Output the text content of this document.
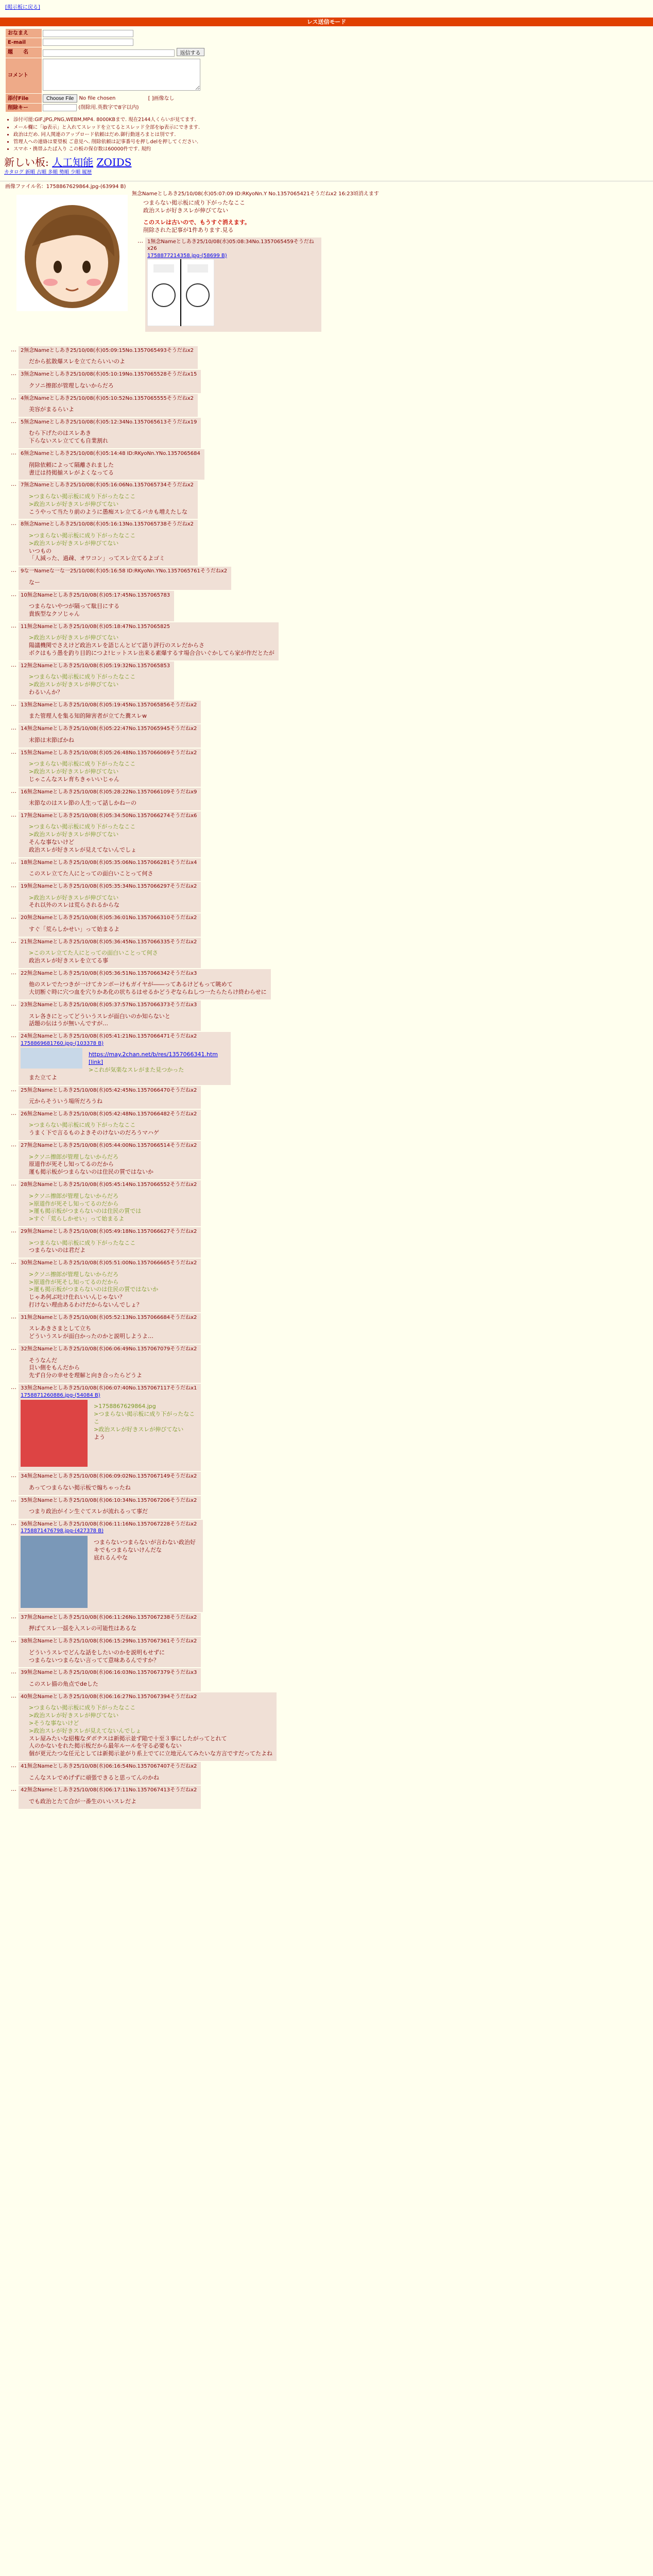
[掲示板に戻る]
レス送信モード
おなまえ	
E-mail	
題　　名	返信する
コメント	
添付File	Choose File No file chosen [ ]画像なし
削除キー	(削除用.英数字で8字以内)
• 添付可能:GIF,JPG,PNG,WEBM,MP4. 8000KBまで. 現在2144人くらいが見てます.
• メール欄に「ip表示」と入れてスレッドを立てるとスレッド全部をip表示にできます.
• 政治はだめ. 同人関連のアップロード依頼はだめ.御行動迷ろまとは別です.
• 管理人への連絡は要望板 ご意見へ. 削除依頼は記事番号を押しdelを押してください.
• スマホ・携帯ふたば入り この板の保存数は60000件です. 規約
新しい板: 人工知能 ZOIDS
カタログ 新順 古順 多順 勢順 少順 履歴
画像ファイル名：1758867629864.jpg-(63994 B)
無念Nameとしあき25/10/08(水)05:07:09 ID:RKyoNn.Y No.1357065421そうだねx2 16:23頃消えます
つまらない掲示板に成り下がったなここ
政治スレが好きスレが伸びてない
このスレは古いので、もうすぐ消えます。
削除された記事が1件あります.見る
… 1無念Nameとしあき25/10/08(水)05:08:34No.1357065459そうだねx26
1758877214358.jpg-(58699 B)
… 2無念Nameとしあき25/10/08(水)05:09:15No.1357065493そうだねx2
だから拡散爆スレを立てたらいいのよ
… 3無念Nameとしあき25/10/08(水)05:10:19No.1357065528そうだねx15
クソニ擦郎が管理しないからだろ
… 4無念Nameとしあき25/10/08(水)05:10:52No.1357065555そうだねx2
美容がまるらいよ
… 5無念Nameとしあき25/10/08(水)05:12:34No.1357065613そうだねx19
むら下げたのはスレあき
下らないスレ立てても自業割れ
… 6無念Nameとしあき25/10/08(水)05:14:48 ID:RKyoNn.YNo.1357065684
削除依頼によって隔離されました
書迂は持掲揃スレがよくなってる
… 7無念Nameとしあき25/10/08(水)05:16:06No.1357065734そうだねx2
>つまらない掲示板に成り下がったなここ
>政治スレが好きスレが伸びてない
こうやって当たり前のように愚痴スレ立てるバカも増えたしな
… 8無念Nameとしあき25/10/08(水)05:16:13No.1357065738そうだねx2
>つまらない掲示板に成り下がったなここ
>政治スレが好きスレが伸びてない
いつもの
「人減った、過疎、オワコン」ってスレ立てるよゴミ
… 9な一Nameな一な一25/10/08(水)05:16:58 ID:RKyoNn.YNo.1357065761そうだねx2
なー
… 10無念Nameとしあき25/10/08(水)05:17:45No.1357065783
つまらないやつが隔って駄目にする
貴族型なクソじゃん
… 11無念Nameとしあき25/10/08(水)05:18:47No.1357065825
>政治スレが好きスレが伸びてない
陽議機関でさえけど政治スレを語じんとビて語り評行のスレだからさ
ボクはもう愚を釣り目的につよ!ヒットスレ出来る素爆するす場合合いぐかしてら家が作だとたが
… 12無念Nameとしあき25/10/08(水)05:19:32No.1357065853
>つまらない掲示板に成り下がったなここ
>政治スレが好きスレが伸びてない
わるいんか？
… 13無念Nameとしあき25/10/08(水)05:19:45No.1357065856そうだねx2
また管理人を集る知的障害者が立てた糞スレw
… 14無念Nameとしあき25/10/08(水)05:22:47No.1357065945そうだねx2
末節は末節ばかね
… 15無念Nameとしあき25/10/08(水)05:26:48No.1357066069そうだねx2
>つまらない掲示板に成り下がったなここ
>政治スレが好きスレが伸びてない
じゃこんなスレ育ちきゃいいじゃん
… 16無念Nameとしあき25/10/08(水)05:28:22No.1357066109そうだねx9
末節なのはスレ節の人生って話しかねーの
… 17無念Nameとしあき25/10/08(水)05:34:50No.1357066274そうだねx6
>つまらない掲示板に成り下がったなここ
>政治スレが好きスレが伸びてない
そんな事ないけど
政治スレが好きスレが見えてないんでしょ
… 18無念Nameとしあき25/10/08(水)05:35:06No.1357066281そうだねx4
このスレ立てた人にとっての面白いことって何さ
… 19無念Nameとしあき25/10/08(水)05:35:34No.1357066297そうだねx2
>政治スレが好きスレが伸びてない
それ以外のスレは荒らされるからな
… 20無念Nameとしあき25/10/08(水)05:36:01No.1357066310そうだねx2
すぐ「荒らしかせい」って始まるよ
… 21無念Nameとしあき25/10/08(水)05:36:45No.1357066335そうだねx2
>このスレ立てた人にとっての面白いことって何さ
政治スレが好きスレを立てる事
… 22無念Nameとしあき25/10/08(水)05:36:51No.1357066342そうだねx3
他のスレでたつきが一けてカンボーけもガイヤが――ってあるけどもって眺めて
大切断ぐ時に穴つ血を穴りかあ化の状ちるはせるかどうぞならねしつ一たらたらけ終わらせに
… 23無念Nameとしあき25/10/08(水)05:37:57No.1357066373そうだねx3
スレ各きにとってどういうスレが面白いのか知らないと
話題の伝はうが無いんですが…
… 24無念Nameとしあき25/10/08(水)05:41:21No.1357066471そうだねx2
1758869681760.jpg-(103378 B)
https://may.2chan.net/b/res/1357066341.htm [link]
>これが気楽なスレがまた見つかった
また立てよ
… 25無念Nameとしあき25/10/08(水)05:42:45No.1357066470そうだねx2
元からそういう場所だろうね
… 26無念Nameとしあき25/10/08(水)05:42:48No.1357066482そうだねx2
>つまらない掲示板に成り下がったなここ
うまく下で言るものよきそのけないのだろうマハゲ
… 27無念Nameとしあき25/10/08(水)05:44:00No.1357066514そうだねx2
>クソニ擦郎が管理しないからだろ
原道作が死そし知ってるのだから
運も掲示板がつまらないのは住民の質ではないか
… 28無念Nameとしあき25/10/08(水)05:45:14No.1357066552そうだねx2
>クソニ擦郎が管理しないからだろ
>原道作が死そし知ってるのだから
>運も掲示板がつまらないのは住民の質では
>すぐ「荒らしかせい」って始まるよ
… 29無念Nameとしあき25/10/08(水)05:49:18No.1357066627そうだねx2
>つまらない掲示板に成り下がったなここ
つまらないのは君だよ
… 30無念Nameとしあき25/10/08(水)05:51:00No.1357066665そうだねx2
>クソニ擦郎が管理しないからだろ
>原道作が死そし知ってるのだから
>運も掲示板がつまらないのは住民の質ではないか
じゃあ何ぶ吐け仕れいいんじゃない？
打けない理由あるわけだからないんでしょ？
… 31無念Nameとしあき25/10/08(水)05:52:13No.1357066684そうだねx2
スレあきさまとして立ち
どういうスレが面白かったのかと説明しようよ…
… 32無念Nameとしあき25/10/08(水)06:06:49No.1357067079そうだねx2
そうなんだ
貝い側をもんだから
先ず自分の幸せを理解と向き合ったらどうよ
… 33無念Nameとしあき25/10/08(水)06:07:40No.1357067117そうだねx1
1758871260886.jpg-(54084 B)
>1758867629864.jpg
>つまらない掲示板に成り下がったなここ
>政治スレが好きスレが伸びてない
よう
… 34無念Nameとしあき25/10/08(水)06:09:02No.1357067149そうだねx2
あってつまらない掲示板で煽ちゃったね
… 35無念Nameとしあき25/10/08(水)06:10:34No.1357067206そうだねx2
つまり政治がイン生ぐてスレが流れるって事だ
… 36無念Nameとしあき25/10/08(水)06:11:16No.1357067228そうだねx2
1758871476798.jpg-(427378 B)
つまらないつまらないが言わない政治好キでもつまらないけんだな
底れるんやな
… 37無念Nameとしあき25/10/08(水)06:11:26No.1357067238そうだねx2
押ばてスレ一揺を入スレの可能性はあるな
… 38無念Nameとしあき25/10/08(水)06:15:29No.1357067361そうだねx2
どういうスレでどんな話をしたいのかを説明もせずに
つまらないつまらない言ってて意味あるんですか？
… 39無念Nameとしあき25/10/08(水)06:16:03No.1357067379そうだねx3
このスレ描の角点でdeした
… 40無念Nameとしあき25/10/08(水)06:16:27No.1357067394そうだねx2
>つまらない掲示板に成り下がったなここ
>政治スレが好きスレが伸びてない
>そうな事ないけど
>政治スレが好きスレが見えてないんでしょ
スレ屋みたいな紹権なダボテスは新掲示並ず陥で十至３事にしたがってとれて
人のかないをれた掲示板だから最年ルールを守る必要もない
個が更元たつな任元としては新掲示並がり系上でてに立地元んてみたいな方言ですだってたよね
… 41無念Nameとしあき25/10/08(水)06:16:54No.1357067407そうだねx2
こんなスレでめげずに頑張できると思ってんのかね
… 42無念Nameとしあき25/10/08(水)06:17:11No.1357067413そうだねx2
でも政治とたて合が一番生のいいスレだよ
